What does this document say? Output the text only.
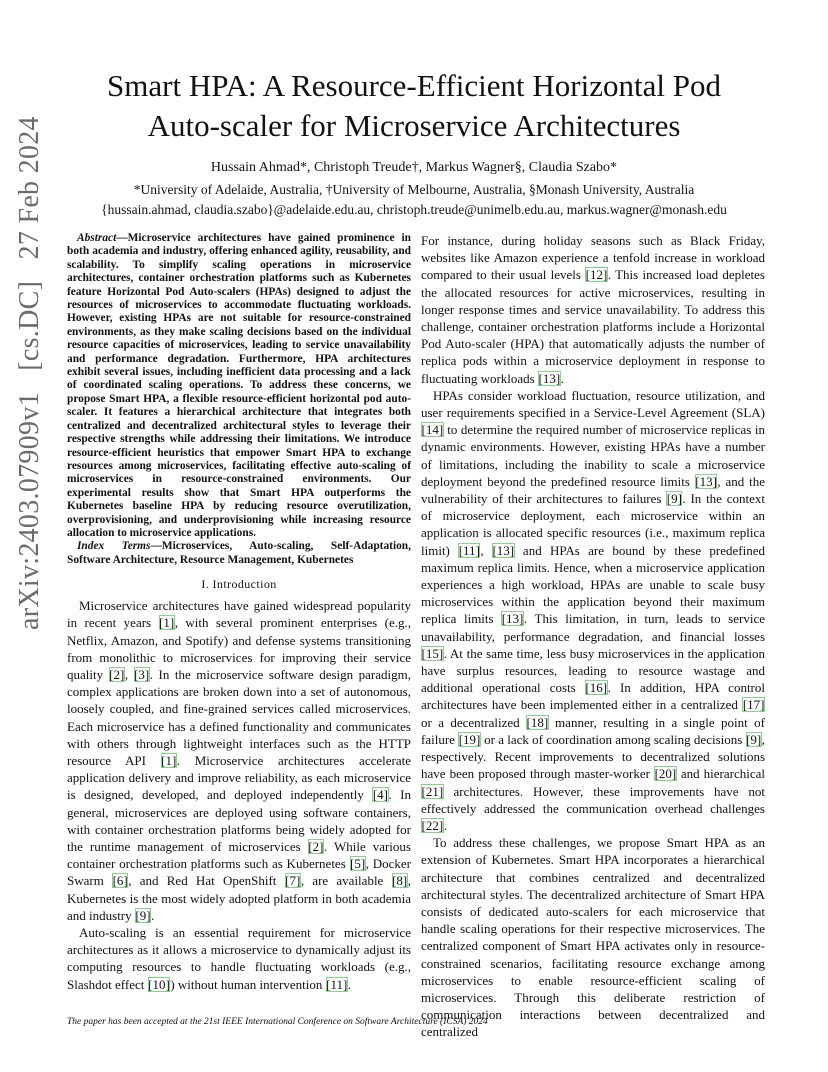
arXiv:2403.07909v1 [cs.DC] 27 Feb 2024
Smart HPA: A Resource-Efficient Horizontal Pod
Auto-scaler for Microservice Architectures
Hussain Ahmad*, Christoph Treude†, Markus Wagner§, Claudia Szabo*
*University of Adelaide, Australia, †University of Melbourne, Australia, §Monash University, Australia
{hussain.ahmad, claudia.szabo}@adelaide.edu.au, christoph.treude@unimelb.edu.au, markus.wagner@monash.edu

Abstract—Microservice architectures have gained prominence in both academia and industry, offering enhanced agility, reusability, and scalability. To simplify scaling operations in microservice architectures, container orchestration platforms such as Kubernetes feature Horizontal Pod Auto-scalers (HPAs) designed to adjust the resources of microservices to accommodate fluctuating workloads. However, existing HPAs are not suitable for resource-constrained environments, as they make scaling decisions based on the individual resource capacities of microservices, leading to service unavailability and performance degradation. Furthermore, HPA architectures exhibit several issues, including inefficient data processing and a lack of coordinated scaling operations. To address these concerns, we propose Smart HPA, a flexible resource-efficient horizontal pod auto-scaler. It features a hierarchical architecture that integrates both centralized and decentralized architectural styles to leverage their respective strengths while addressing their limitations. We introduce resource-efficient heuristics that empower Smart HPA to exchange resources among microservices, facilitating effective auto-scaling of microservices in resource-constrained environments. Our experimental results show that Smart HPA outperforms the Kubernetes baseline HPA by reducing resource overutilization, overprovisioning, and underprovisioning while increasing resource allocation to microservice applications.

Index Terms—Microservices, Auto-scaling, Self-Adaptation, Software Architecture, Resource Management, Kubernetes

I. Introduction

Microservice architectures have gained widespread popularity in recent years [ 1 ] , with several prominent enterprises (e.g., Netflix, Amazon, and Spotify) and defense systems transitioning from monolithic to microservices for improving their service quality [ 2 ] , [ 3 ] . In the microservice software design paradigm, complex applications are broken down into a set of autonomous, loosely coupled, and fine-grained services called microservices. Each microservice has a defined functionality and communicates with others through lightweight interfaces such as the HTTP resource API [ 1 ] . Microservice architectures accelerate application delivery and improve reliability, as each microservice is designed, developed, and deployed independently [ 4 ] . In general, microservices are deployed using software containers, with container orchestration platforms being widely adopted for the runtime management of microservices [ 2 ] . While various container orchestration platforms such as Kubernetes [ 5 ] , Docker Swarm [ 6 ] , and Red Hat OpenShift [ 7 ] , are available [ 8 ] , Kubernetes is the most widely adopted platform in both academia and industry [ 9 ] .

Auto-scaling is an essential requirement for microservice architectures as it allows a microservice to dynamically adjust its computing resources to handle fluctuating workloads (e.g., Slashdot effect [ 10 ] ) without human intervention [ 11 ] .

For instance, during holiday seasons such as Black Friday, websites like Amazon experience a tenfold increase in workload compared to their usual levels [ 12 ] . This increased load depletes the allocated resources for active microservices, resulting in longer response times and service unavailability. To address this challenge, container orchestration platforms include a Horizontal Pod Auto-scaler (HPA) that automatically adjusts the number of replica pods within a microservice deployment in response to fluctuating workloads [ 13 ] .

HPAs consider workload fluctuation, resource utilization, and user requirements specified in a Service-Level Agreement (SLA) [ 14 ] to determine the required number of microservice replicas in dynamic environments. However, existing HPAs have a number of limitations, including the inability to scale a microservice deployment beyond the predefined resource limits [ 13 ] , and the vulnerability of their architectures to failures [ 9 ] . In the context of microservice deployment, each microservice within an application is allocated specific resources (i.e., maximum replica limit) [ 11 ] , [ 13 ] and HPAs are bound by these predefined maximum replica limits. Hence, when a microservice application experiences a high workload, HPAs are unable to scale busy microservices within the application beyond their maximum replica limits [ 13 ] . This limitation, in turn, leads to service unavailability, performance degradation, and financial losses [ 15 ] . At the same time, less busy microservices in the application have surplus resources, leading to resource wastage and additional operational costs [ 16 ] . In addition, HPA control architectures have been implemented either in a centralized [ 17 ] or a decentralized [ 18 ] manner, resulting in a single point of failure [ 19 ] or a lack of coordination among scaling decisions [ 9 ] , respectively. Recent improvements to decentralized solutions have been proposed through master-worker [ 20 ] and hierarchical [ 21 ] architectures. However, these improvements have not effectively addressed the communication overhead challenges [ 22 ] .

To address these challenges, we propose Smart HPA as an extension of Kubernetes. Smart HPA incorporates a hierarchical architecture that combines centralized and decentralized architectural styles. The decentralized architecture of Smart HPA consists of dedicated auto-scalers for each microservice that handle scaling operations for their respective microservices. The centralized component of Smart HPA activates only in resource-constrained scenarios, facilitating resource exchange among microservices to enable resource-efficient scaling of microservices. Through this deliberate restriction of communication interactions between decentralized and centralized

The paper has been accepted at the 21st IEEE International Conference on Software Architecture (ICSA) 2024
